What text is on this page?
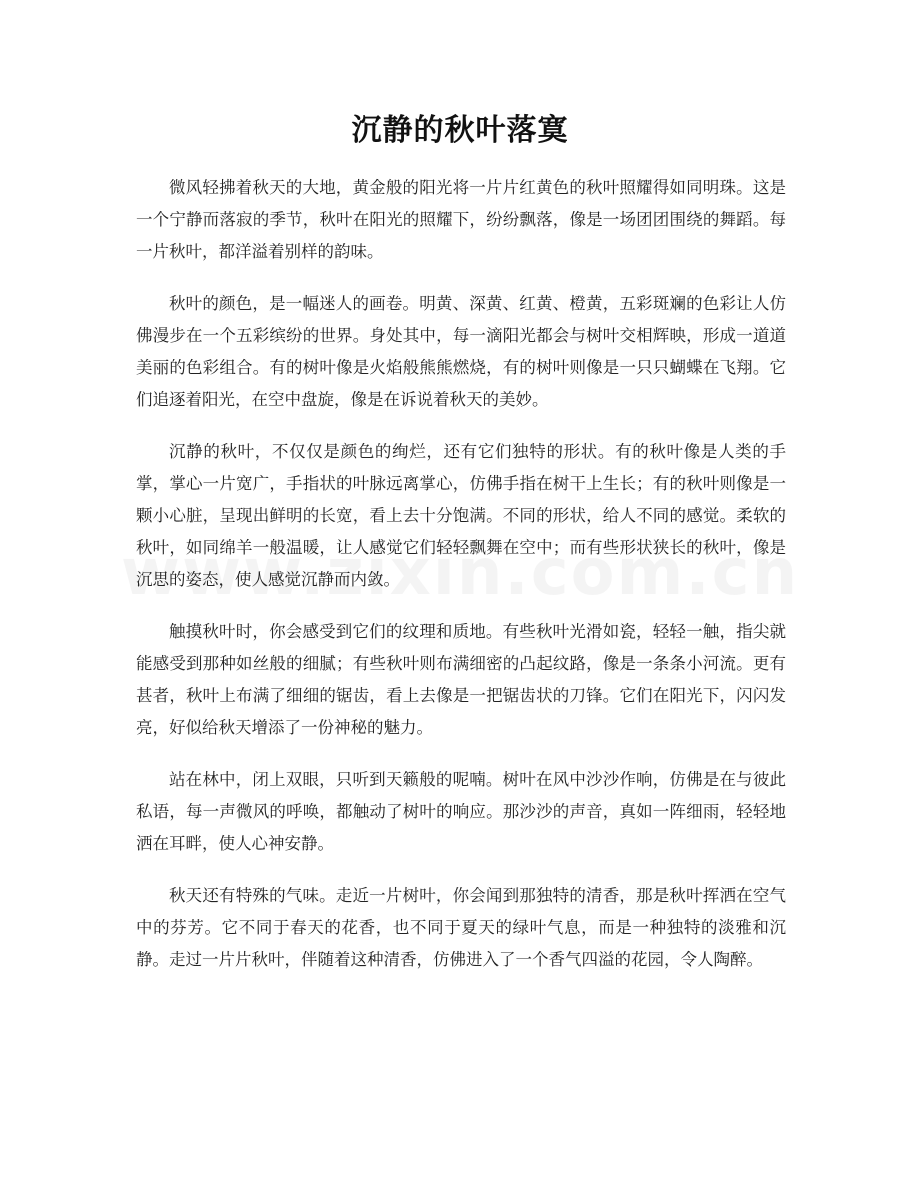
沉静的秋叶落寞

微风轻拂着秋天的大地，黄金般的阳光将一片片红黄色的秋叶照耀得如同明珠。这是一个宁静而落寂的季节，秋叶在阳光的照耀下，纷纷飘落，像是一场团团围绕的舞蹈。每一片秋叶，都洋溢着别样的韵味。

秋叶的颜色，是一幅迷人的画卷。明黄、深黄、红黄、橙黄，五彩斑斓的色彩让人仿佛漫步在一个五彩缤纷的世界。身处其中，每一滴阳光都会与树叶交相辉映，形成一道道美丽的色彩组合。有的树叶像是火焰般熊熊燃烧，有的树叶则像是一只只蝴蝶在飞翔。它们追逐着阳光，在空中盘旋，像是在诉说着秋天的美妙。

沉静的秋叶，不仅仅是颜色的绚烂，还有它们独特的形状。有的秋叶像是人类的手掌，掌心一片宽广，手指状的叶脉远离掌心，仿佛手指在树干上生长；有的秋叶则像是一颗小心脏，呈现出鲜明的长宽，看上去十分饱满。不同的形状，给人不同的感觉。柔软的秋叶，如同绵羊一般温暖，让人感觉它们轻轻飘舞在空中；而有些形状狭长的秋叶，像是沉思的姿态，使人感觉沉静而内敛。

触摸秋叶时，你会感受到它们的纹理和质地。有些秋叶光滑如瓷，轻轻一触，指尖就能感受到那种如丝般的细腻；有些秋叶则布满细密的凸起纹路，像是一条条小河流。更有甚者，秋叶上布满了细细的锯齿，看上去像是一把锯齿状的刀锋。它们在阳光下，闪闪发亮，好似给秋天增添了一份神秘的魅力。

站在林中，闭上双眼，只听到天籁般的呢喃。树叶在风中沙沙作响，仿佛是在与彼此私语，每一声微风的呼唤，都触动了树叶的响应。那沙沙的声音，真如一阵细雨，轻轻地洒在耳畔，使人心神安静。

秋天还有特殊的气味。走近一片树叶，你会闻到那独特的清香，那是秋叶挥洒在空气中的芬芳。它不同于春天的花香，也不同于夏天的绿叶气息，而是一种独特的淡雅和沉静。走过一片片秋叶，伴随着这种清香，仿佛进入了一个香气四溢的花园，令人陶醉。
